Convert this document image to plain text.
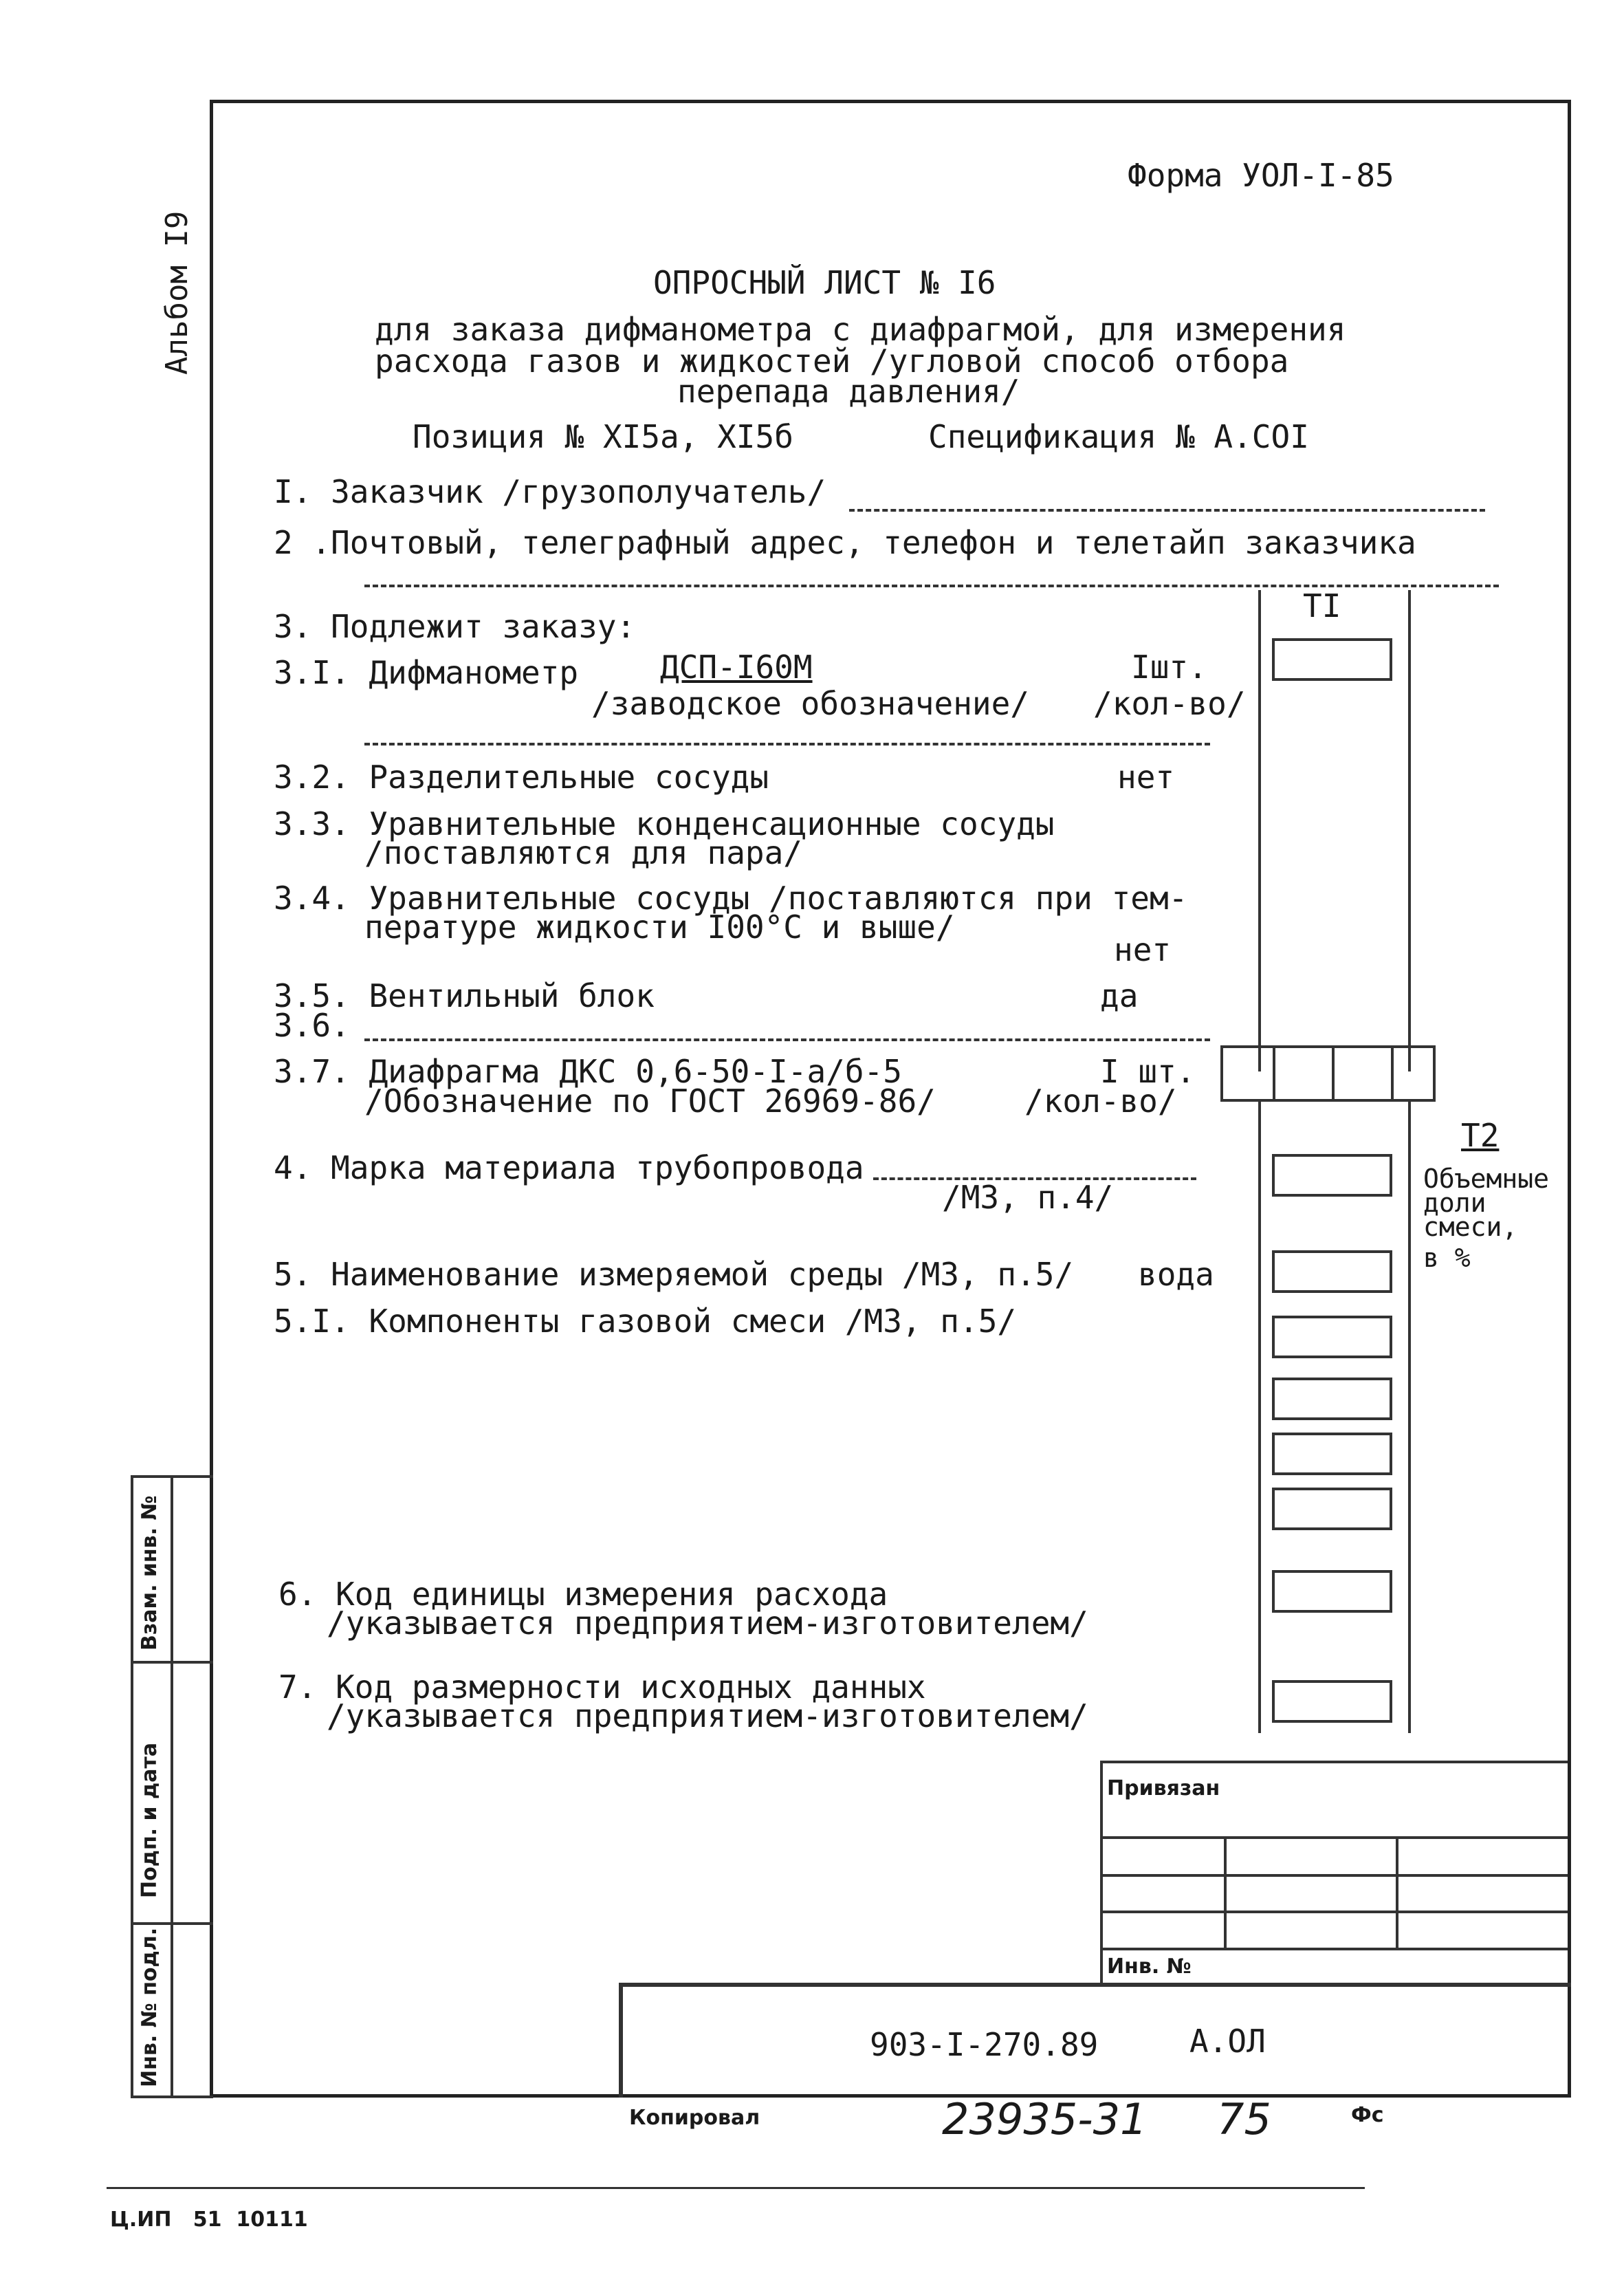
Альбом I9
Форма УОЛ-I-85
ОПРОСНЫЙ ЛИСТ № I6
для заказа дифманометра с диафрагмой, для измерения
расхода газов и жидкостей /угловой способ отбора
перепада давления/
Позиция № XI5а, XI5б	Спецификация № А.СОI
I. Заказчик /грузополучатель/
2 .Почтовый, телеграфный адрес, телефон и телетайп заказчика
TI
3. Подлежит заказу:
3.I. Дифманометр	ДСП-I60М	Iшт.
/заводское обозначение/ /кол-во/
3.2. Разделительные сосуды	нет
3.3. Уравнительные конденсационные сосуды
/поставляются для пара/
3.4. Уравнительные сосуды /поставляются при тем-
пературе жидкости I00°С и выше/
нет
3.5. Вентильный блок	да
3.6.
3.7. Диафрагма ДКС 0,6-50-I-а/б-5	I шт.
/Обозначение по ГОСТ 26969-86/	/кол-во/
T2
Объемные
доли
смеси,
в %
4. Марка материала трубопровода
/МЗ, п.4/
5. Наименование измеряемой среды /МЗ, п.5/ вода
5.I. Компоненты газовой смеси /МЗ, п.5/
6. Код единицы измерения расхода
/указывается предприятием-изготовителем/
7. Код размерности исходных данных
/указывается предприятием-изготовителем/
Привязан
Инв. №
903-I-270.89	А.ОЛ
Взам. инв. №
Подп. и дата
Инв. № подл.
Копировал	23935-31 75	Фс
Ц.ИП   51  10111
